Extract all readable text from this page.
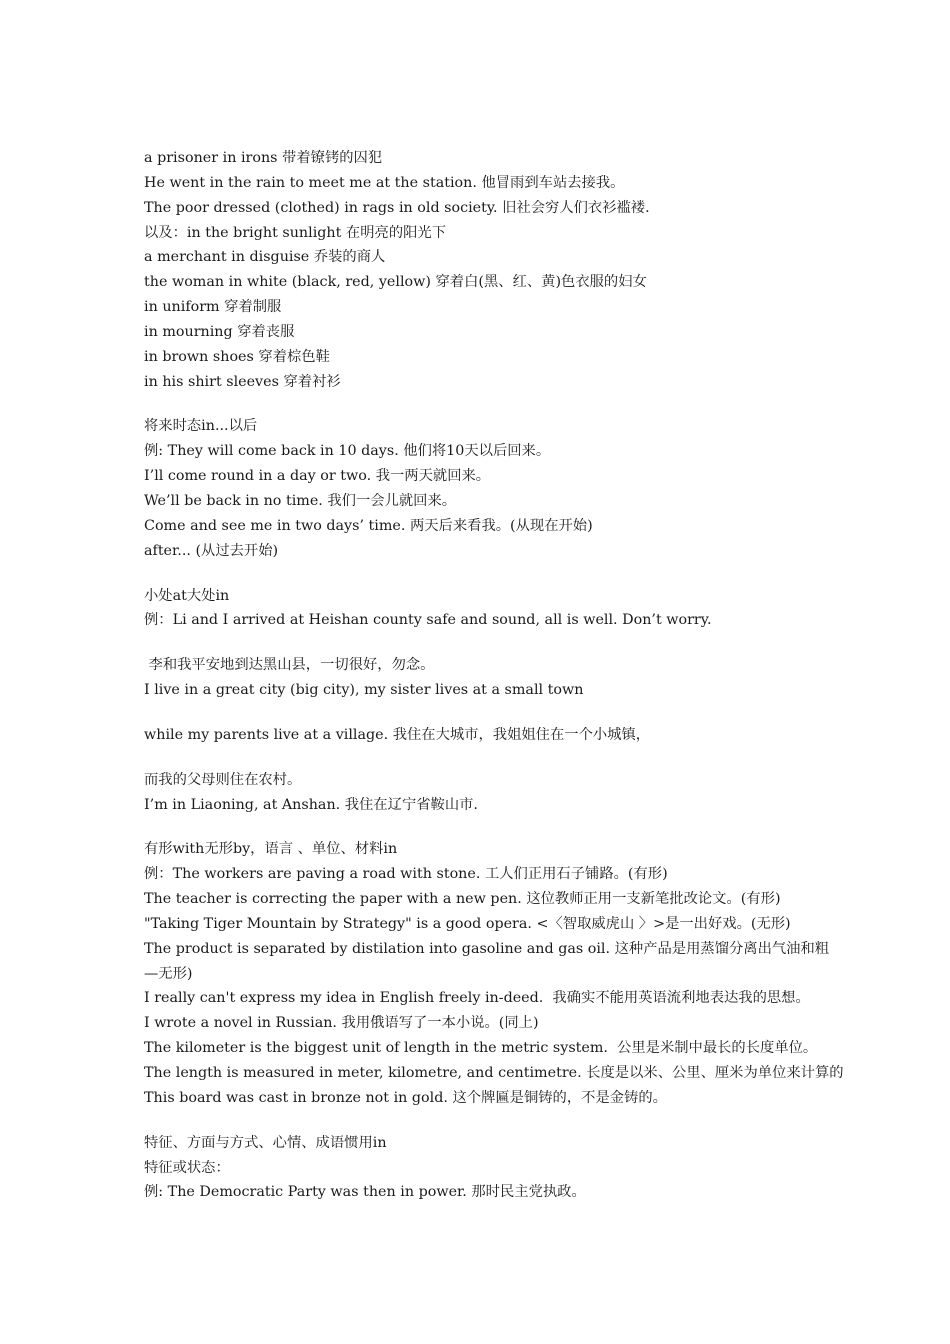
a prisoner in irons 带着镣铐的囚犯
He went in the rain to meet me at the station. 他冒雨到车站去接我。
The poor dressed (clothed) in rags in old society. 旧社会穷人们衣衫褴褛.
以及：in the bright sunlight 在明亮的阳光下
a merchant in disguise 乔装的商人
the woman in white (black, red, yellow) 穿着白(黑、红、黄)色衣服的妇女
in uniform 穿着制服
in mourning 穿着丧服
in brown shoes 穿着棕色鞋
in his shirt sleeves 穿着衬衫
将来时态in...以后
例: They will come back in 10 days. 他们将10天以后回来。
I’ll come round in a day or two. 我一两天就回来。
We’ll be back in no time. 我们一会儿就回来。
Come and see me in two days’ time. 两天后来看我。(从现在开始)
after... (从过去开始)
小处at大处in
例：Li and I arrived at Heishan county safe and sound, all is well. Don’t worry.
李和我平安地到达黑山县，一切很好，勿念。
I live in a great city (big city), my sister lives at a small town
while my parents live at a village. 我住在大城市，我姐姐住在一个小城镇，
而我的父母则住在农村。
I’m in Liaoning, at Anshan. 我住在辽宁省鞍山市.
有形with无形by，语言 、单位、材料in
例：The workers are paving a road with stone. 工人们正用石子铺路。(有形)
The teacher is correcting the paper with a new pen. 这位教师正用一支新笔批改论文。(有形)
"Taking Tiger Mountain by Strategy" is a good opera. <〈智取威虎山 〉>是一出好戏。(无形)
The product is separated by distilation into gasoline and gas oil. 这种产品是用蒸馏分离出气油和粗
—无形)
I really can't express my idea in English freely in-deed.  我确实不能用英语流利地表达我的思想。
I wrote a novel in Russian. 我用俄语写了一本小说。(同上)
The kilometer is the biggest unit of length in the metric system.  公里是米制中最长的长度单位。
The length is measured in meter, kilometre, and centimetre. 长度是以米、公里、厘米为单位来计算的
This board was cast in bronze not in gold. 这个牌匾是铜铸的，不是金铸的。
特征、方面与方式、心情、成语惯用in
特征或状态：
例: The Democratic Party was then in power. 那时民主党执政。
